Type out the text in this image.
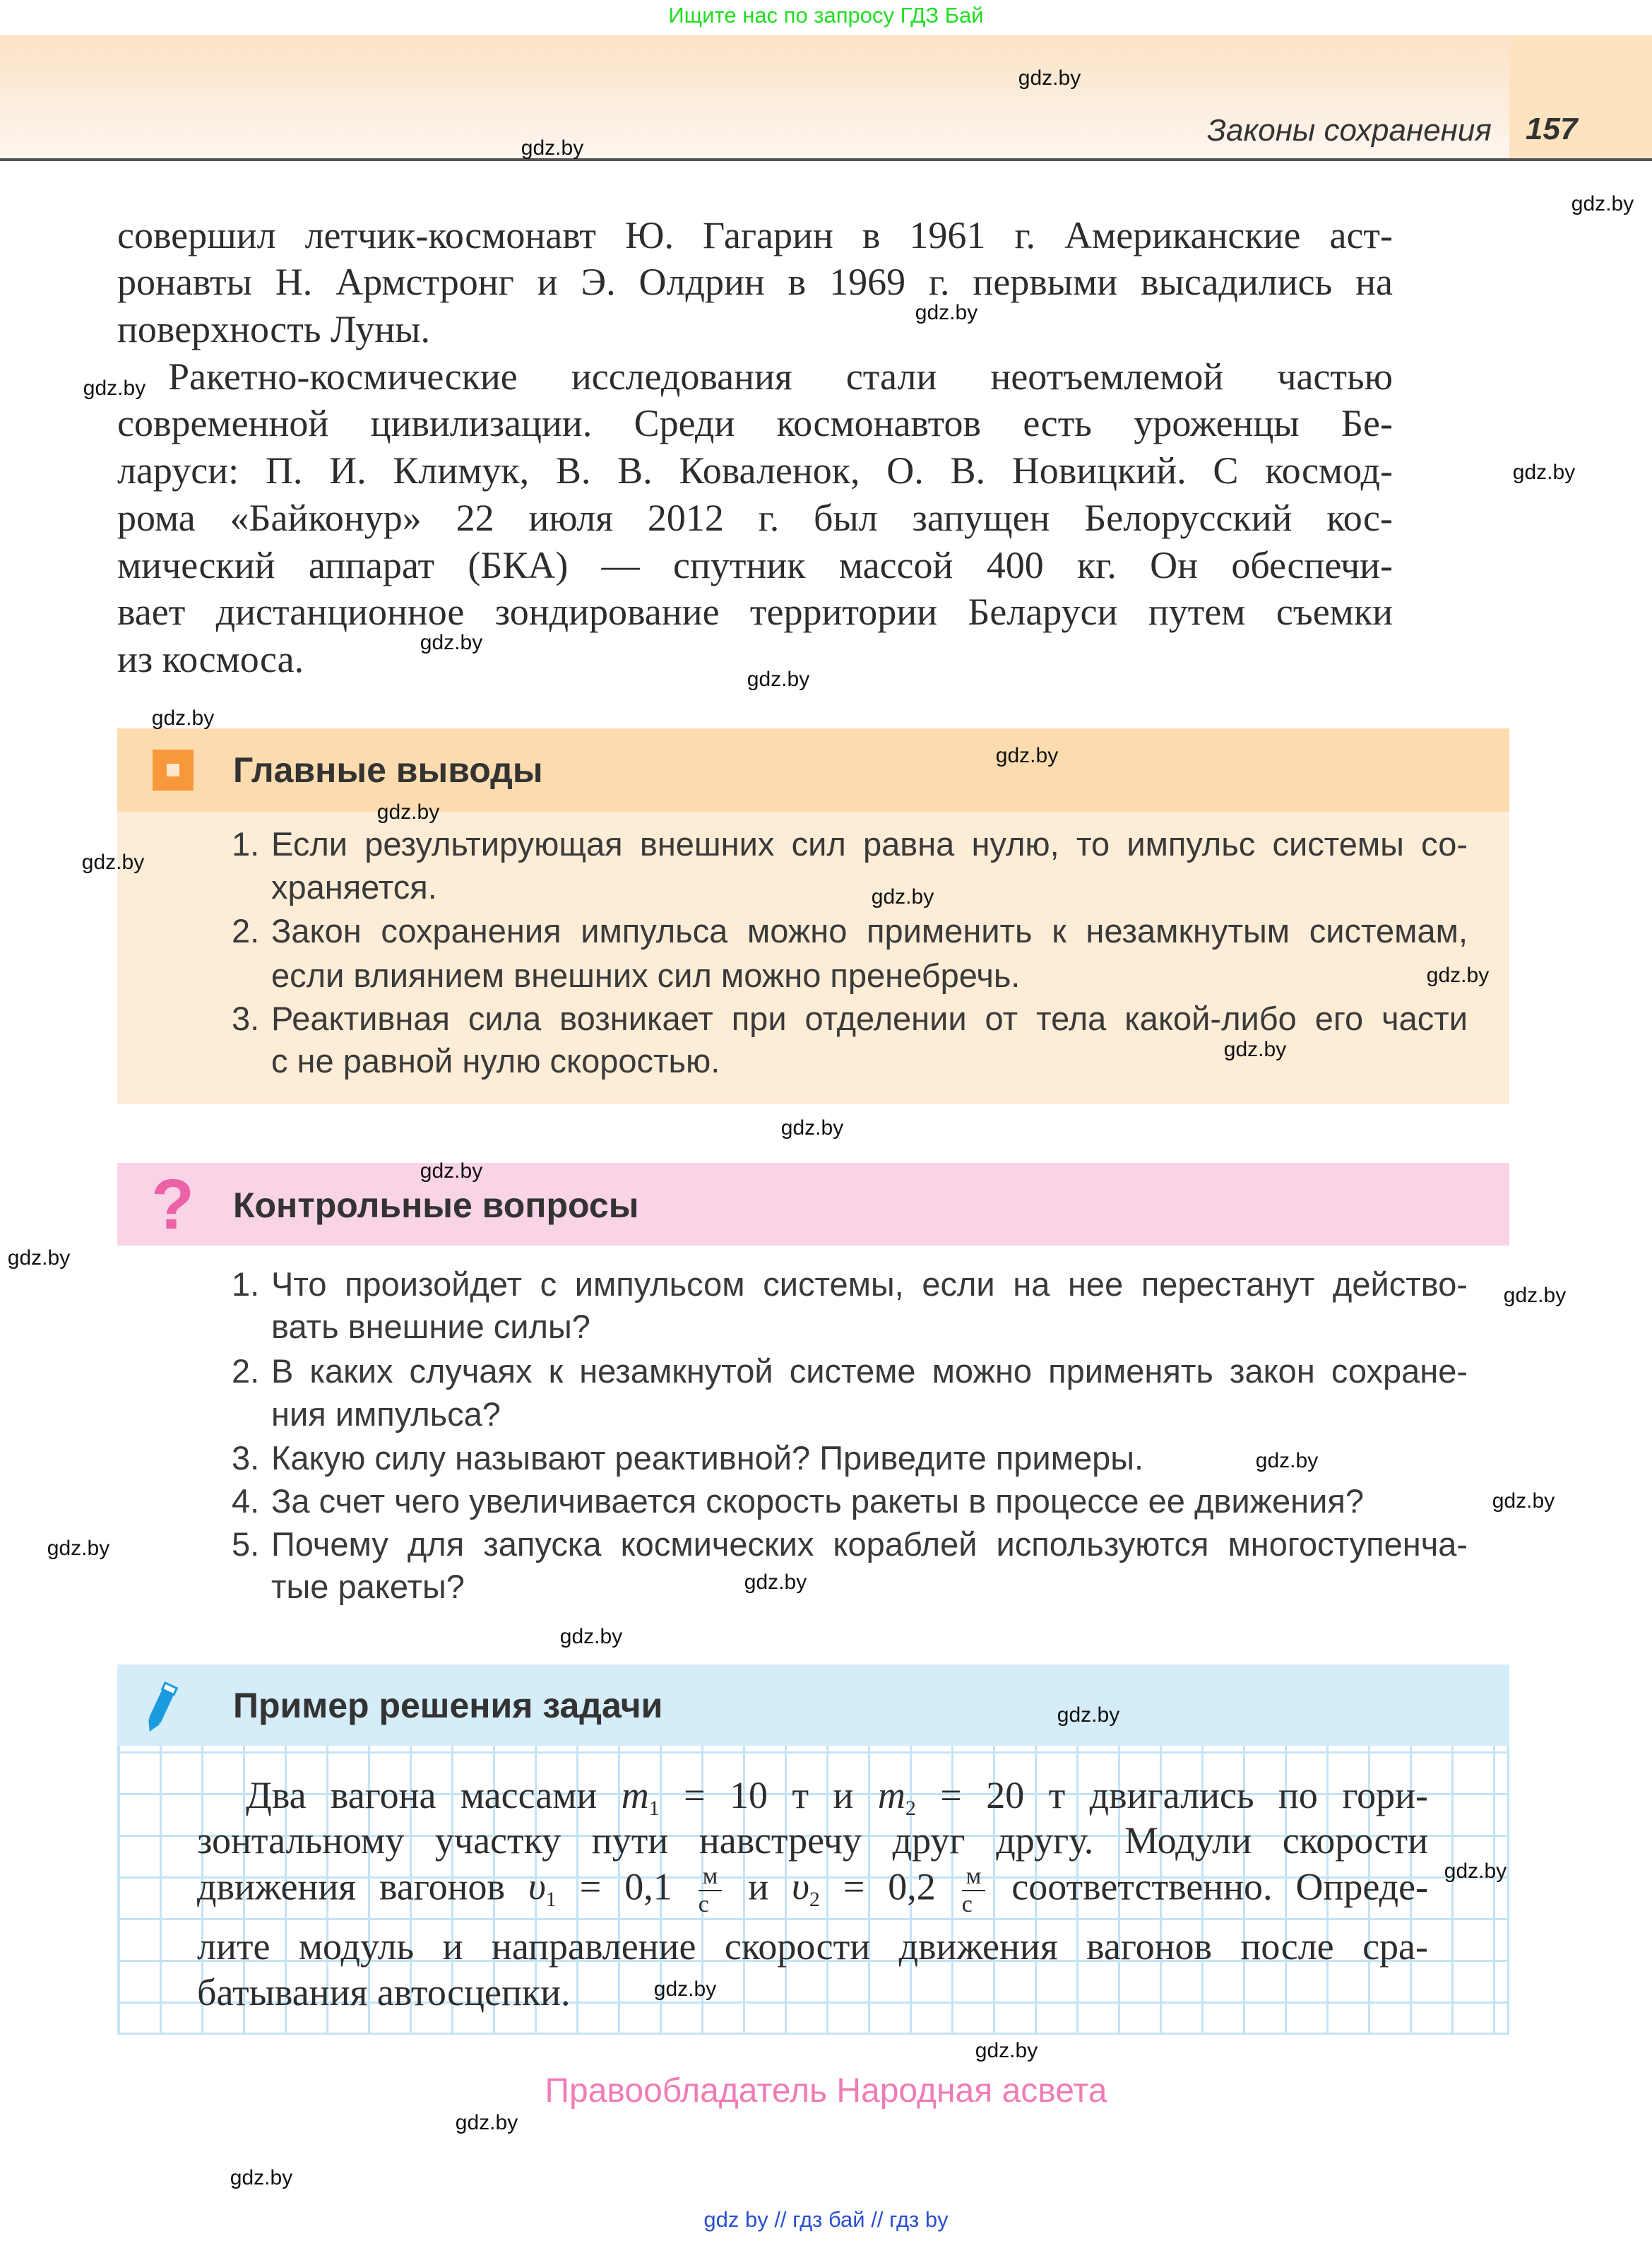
Ищите нас по запросу ГДЗ Бай
Законы сохранения 157
совершил летчик-космонавт Ю. Гагарин в 1961 г. Американские аст-
ронавты Н. Армстронг и Э. Олдрин в 1969 г. первыми высадились на
поверхность Луны.
Ракетно-космические исследования стали неотъемлемой частью
современной цивилизации. Среди космонавтов есть уроженцы Бе-
ларуси: П. И. Климук, В. В. Коваленок, О. В. Новицкий. С космод-
рома «Байконур» 22 июля 2012 г. был запущен Белорусский кос-
мический аппарат (БКА) — спутник массой 400 кг. Он обеспечи-
вает дистанционное зондирование территории Беларуси путем съемки
из космоса.
Главные выводы
1. Если результирующая внешних сил равна нулю, то импульс системы со-
храняется.
2. Закон сохранения импульса можно применить к незамкнутым системам,
если влиянием внешних сил можно пренебречь.
3. Реактивная сила возникает при отделении от тела какой-либо его части
с не равной нулю скоростью.
? Контрольные вопросы
1. Что произойдет с импульсом системы, если на нее перестанут действо-
вать внешние силы?
2. В каких случаях к незамкнутой системе можно применять закон сохране-
ния импульса?
3. Какую силу называют реактивной? Приведите примеры.
4. За счет чего увеличивается скорость ракеты в процессе ее движения?
5. Почему для запуска космических кораблей используются многоступенча-
тые ракеты?
Пример решения задачи
Два вагона массами $m_1 = 10$ т и $m_2 = 20$ т двигались по гори-
зонтальному участку пути навстречу друг другу. Модули скорости
движения вагонов $\upsilon_1 = 0,1 \frac{м}{с}$ и $\upsilon_2 = 0,2 \frac{м}{с}$ соответственно. Опреде-
лите модуль и направление скорости движения вагонов после сра-
батывания автосцепки.
Правообладатель Народная асвета
gdz by // гдз бай // гдз by
gdz.by
gdz.by
gdz.by
gdz.by
gdz.by
gdz.by
gdz.by
gdz.by
gdz.by
gdz.by
gdz.by
gdz.by
gdz.by
gdz.by
gdz.by
gdz.by
gdz.by
gdz.by
gdz.by
gdz.by
gdz.by
gdz.by
gdz.by
gdz.by
gdz.by
gdz.by
gdz.by
gdz.by
gdz.by
gdz.by
